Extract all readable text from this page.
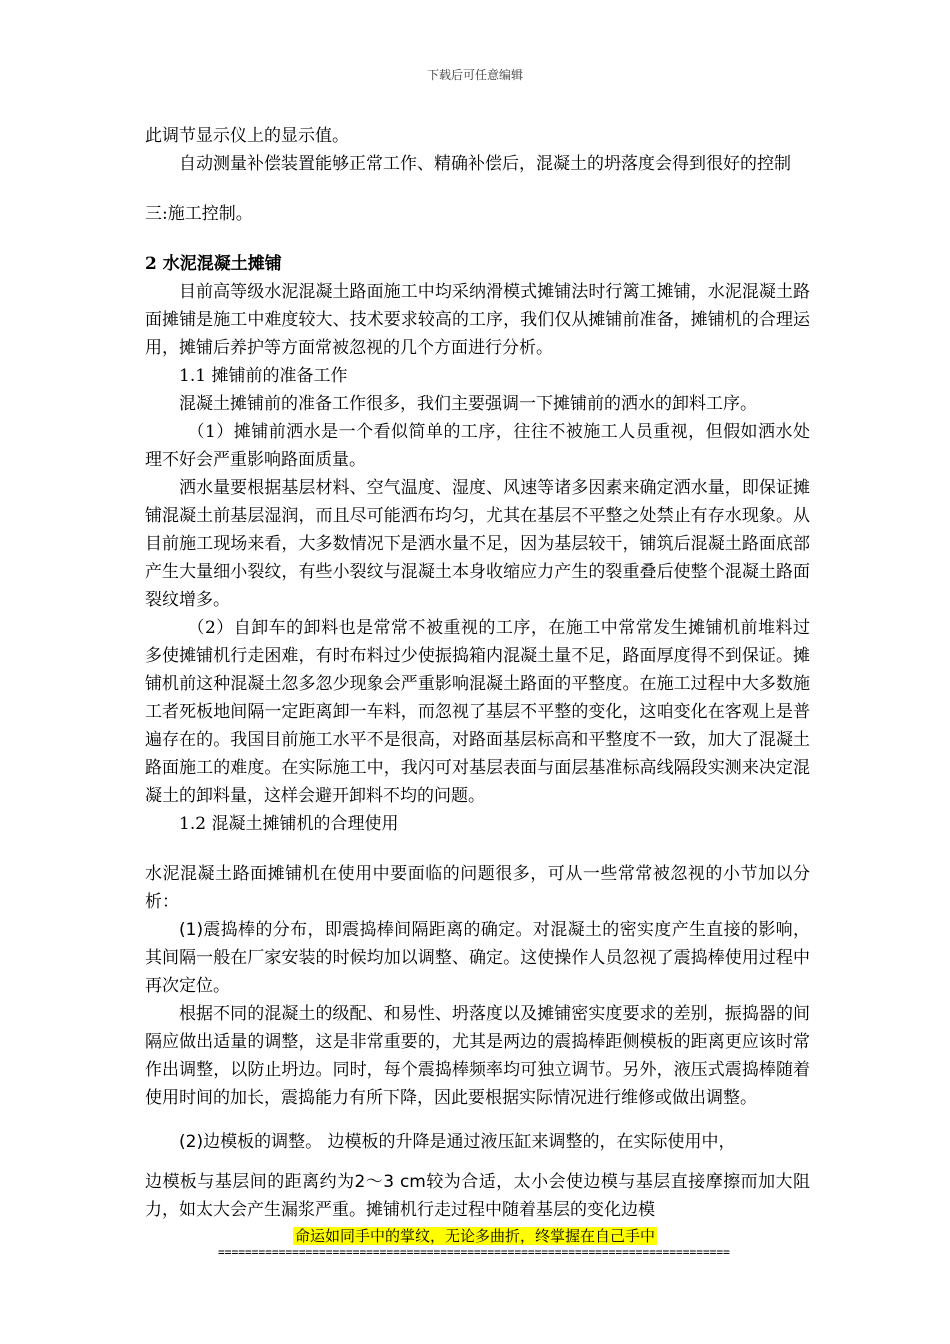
下载后可任意编辑

此调节显示仪上的显示值。

自动测量补偿装置能够正常工作、精确补偿后，混凝土的坍落度会得到很好的控制

三:施工控制。

2 水泥混凝土摊铺

目前高等级水泥混凝土路面施工中均采纳滑模式摊铺法时行篱工摊铺，水泥混凝土路面摊铺是施工中难度较大、技术要求较高的工序，我们仅从摊铺前准备，摊铺机的合理运用，摊铺后养护等方面常被忽视的几个方面进行分析。

1.1 摊铺前的准备工作

混凝土摊铺前的准备工作很多，我们主要强调一下摊铺前的洒水的卸料工序。

（1）摊铺前洒水是一个看似简单的工序，往往不被施工人员重视，但假如洒水处理不好会严重影响路面质量。

洒水量要根据基层材料、空气温度、湿度、风速等诸多因素来确定洒水量，即保证摊铺混凝土前基层湿润，而且尽可能洒布均匀，尤其在基层不平整之处禁止有存水现象。从目前施工现场来看，大多数情况下是洒水量不足，因为基层较干，铺筑后混凝土路面底部产生大量细小裂纹，有些小裂纹与混凝土本身收缩应力产生的裂重叠后使整个混凝土路面裂纹增多。

（2）自卸车的卸料也是常常不被重视的工序，在施工中常常发生摊铺机前堆料过多使摊铺机行走困难，有时布料过少使振捣箱内混凝土量不足，路面厚度得不到保证。摊铺机前这种混凝土忽多忽少现象会严重影响混凝土路面的平整度。在施工过程中大多数施工者死板地间隔一定距离卸一车料，而忽视了基层不平整的变化，这咱变化在客观上是普遍存在的。我国目前施工水平不是很高，对路面基层标高和平整度不一致，加大了混凝土路面施工的难度。在实际施工中，我闪可对基层表面与面层基准标高线隔段实测来决定混凝土的卸料量，这样会避开卸料不均的问题。

1.2 混凝土摊铺机的合理使用

水泥混凝土路面摊铺机在使用中要面临的问题很多，可从一些常常被忽视的小节加以分析：

(1)震捣棒的分布，即震捣棒间隔距离的确定。对混凝土的密实度产生直接的影响，其间隔一般在厂家安装的时候均加以调整、确定。这使操作人员忽视了震捣棒使用过程中再次定位。

根据不同的混凝土的级配、和易性、坍落度以及摊铺密实度要求的差别，振捣器的间隔应做出适量的调整，这是非常重要的，尤其是两边的震捣棒距侧模板的距离更应该时常作出调整，以防止坍边。同时，每个震捣棒频率均可独立调节。另外，液压式震捣棒随着使用时间的加长，震捣能力有所下降，因此要根据实际情况进行维修或做出调整。

(2)边模板的调整。 边模板的升降是通过液压缸来调整的，在实际使用中，

边模板与基层间的距离约为2～3 cm较为合适，太小会使边模与基层直接摩擦而加大阻力，如太大会产生漏浆严重。摊铺机行走过程中随着基层的变化边模

命运如同手中的掌纹，无论多曲折，终掌握在自己手中
============================================================================
